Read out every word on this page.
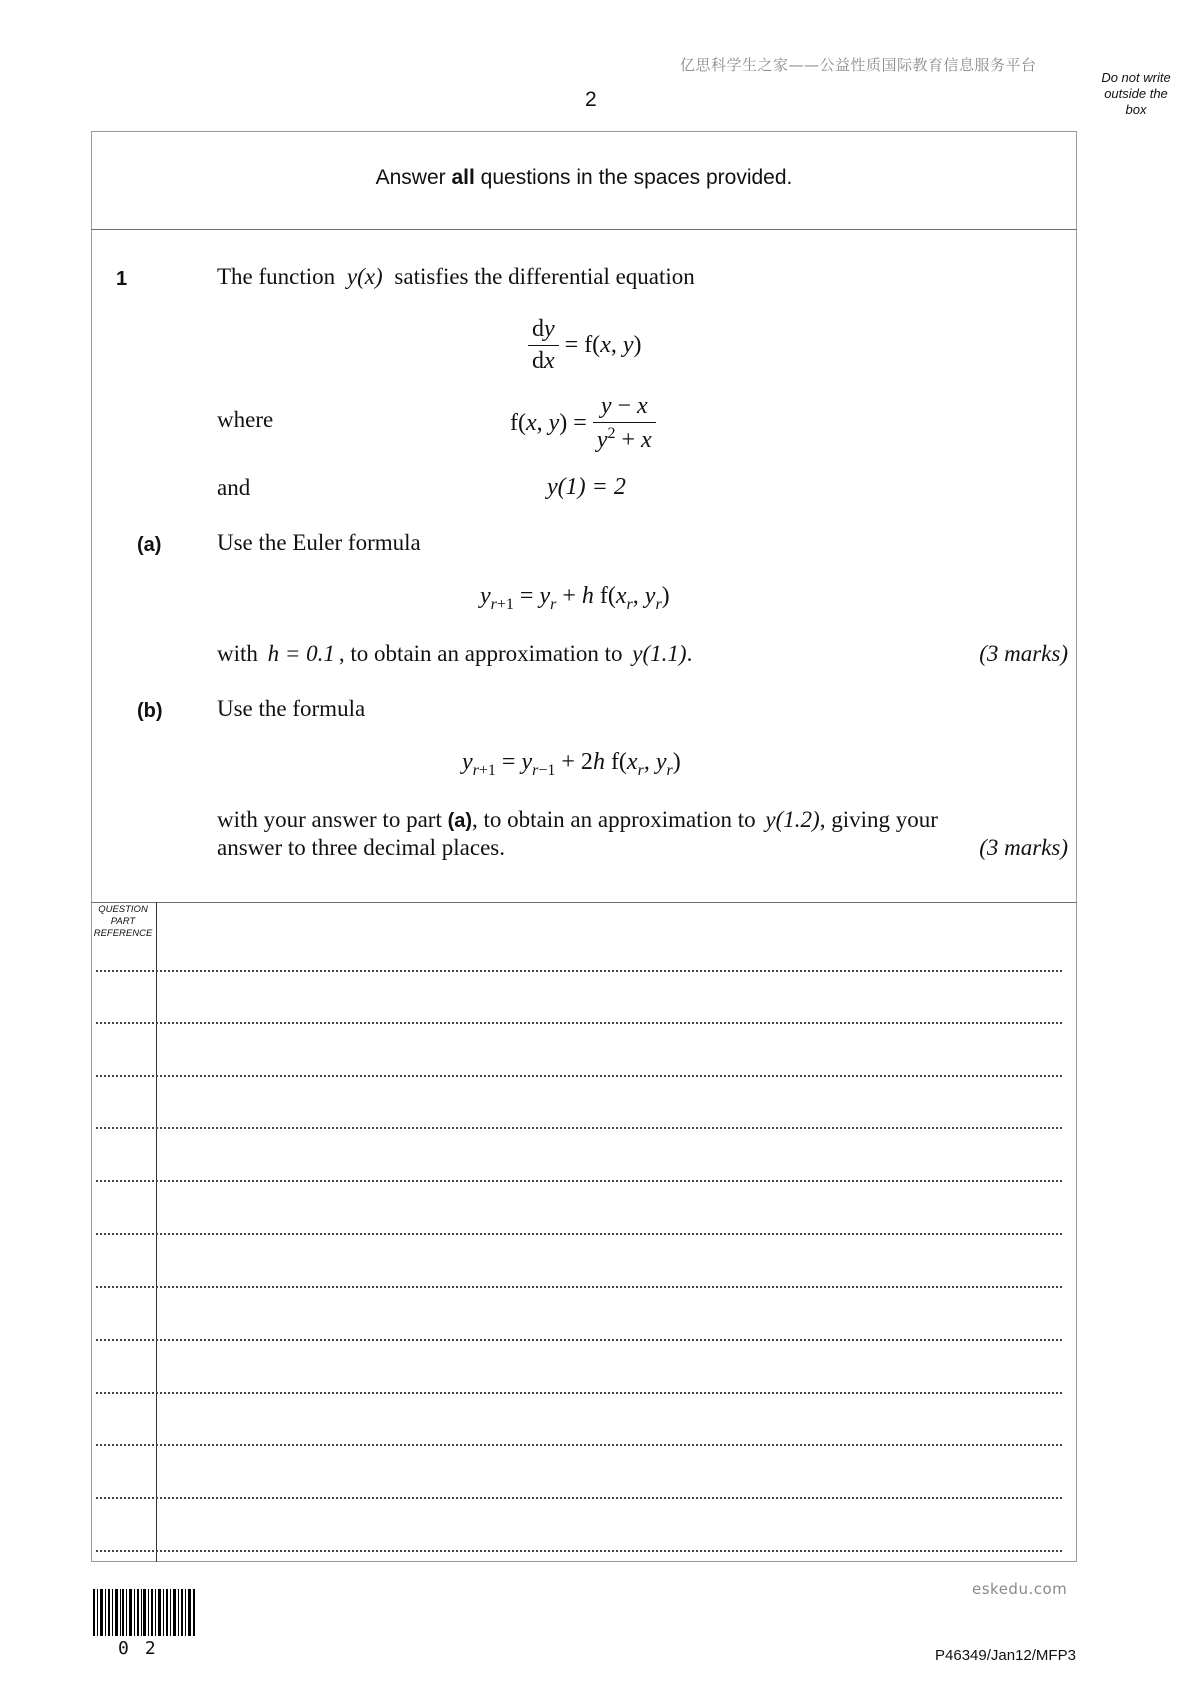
亿思科学生之家——公益性质国际教育信息服务平台
2
Do not write
outside the
box
Answer all questions in the spaces provided.
1	The function y(x) satisfies the differential equation
$\frac{dy}{dx} = f(x$, y)
where	f(x, $y) = \frac{y - x}{y^2 + x}$
and	y(1) = 2
(a) Use the Euler formula
$y_{r+1} = y_r + h$ $f(x_r$, $y_r$)
with h = 0.1 , to obtain an approximation to y(1.1).	(3 marks)
(b) Use the formula
$y_{r+1} = y_{r-1} + 2h$ $f(x_r$, $y_r$)
with your answer to part (a), to obtain an approximation to y(1.2), giving your
answer to three decimal places.	(3 marks)
QUESTION
PART
REFERENCE
02
eskedu.com
P46349/Jan12/MFP3
